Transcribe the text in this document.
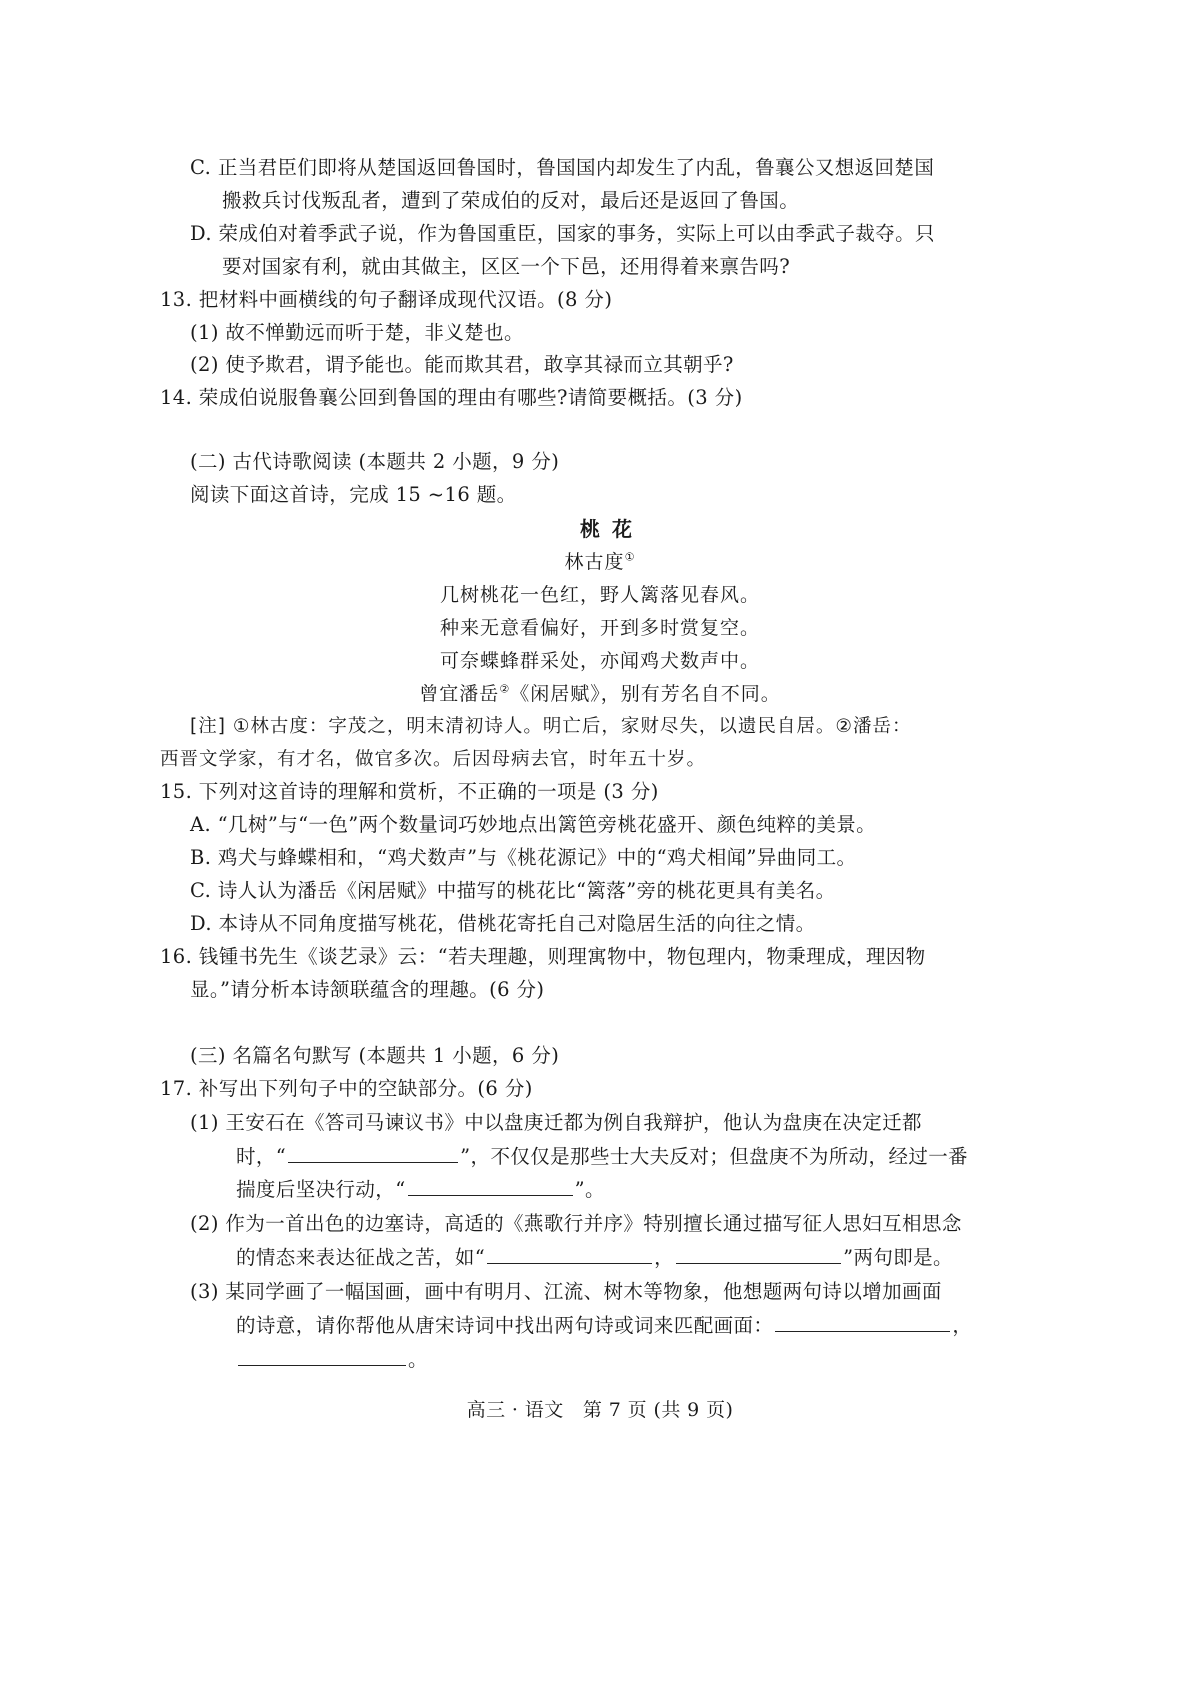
C. 正当君臣们即将从楚国返回鲁国时，鲁国国内却发生了内乱，鲁襄公又想返回楚国
搬救兵讨伐叛乱者，遭到了荣成伯的反对，最后还是返回了鲁国。
D. 荣成伯对着季武子说，作为鲁国重臣，国家的事务，实际上可以由季武子裁夺。只
要对国家有利，就由其做主，区区一个下邑，还用得着来禀告吗?
13. 把材料中画横线的句子翻译成现代汉语。(8 分)
(1) 故不惮勤远而听于楚，非义楚也。
(2) 使予欺君，谓予能也。能而欺其君，敢享其禄而立其朝乎?
14. 荣成伯说服鲁襄公回到鲁国的理由有哪些?请简要概括。(3 分)
(二) 古代诗歌阅读 (本题共 2 小题，9 分)
阅读下面这首诗，完成 15 ~16 题。
桃花
林古度①
几树桃花一色红，野人篱落见春风。
种来无意看偏好，开到多时赏复空。
可奈蝶蜂群采处，亦闻鸡犬数声中。
曾宜潘岳②《闲居赋》，别有芳名自不同。
[注] ①林古度：字茂之，明末清初诗人。明亡后，家财尽失，以遗民自居。②潘岳：
西晋文学家，有才名，做官多次。后因母病去官，时年五十岁。
15. 下列对这首诗的理解和赏析，不正确的一项是 (3 分)
A. “几树”与“一色”两个数量词巧妙地点出篱笆旁桃花盛开、颜色纯粹的美景。
B. 鸡犬与蜂蝶相和，“鸡犬数声”与《桃花源记》中的“鸡犬相闻”异曲同工。
C. 诗人认为潘岳《闲居赋》中描写的桃花比“篱落”旁的桃花更具有美名。
D. 本诗从不同角度描写桃花，借桃花寄托自己对隐居生活的向往之情。
16. 钱锺书先生《谈艺录》云：“若夫理趣，则理寓物中，物包理内，物秉理成，理因物
显。”请分析本诗颔联蕴含的理趣。(6 分)
(三) 名篇名句默写 (本题共 1 小题，6 分)
17. 补写出下列句子中的空缺部分。(6 分)
(1) 王安石在《答司马谏议书》中以盘庚迁都为例自我辩护，他认为盘庚在决定迁都
时，“	”，不仅仅是那些士大夫反对；但盘庚不为所动，经过一番
揣度后坚决行动，“	”。
(2) 作为一首出色的边塞诗，高适的《燕歌行并序》特别擅长通过描写征人思妇互相思念
的情态来表达征战之苦，如“	，	”两句即是。
(3) 某同学画了一幅国画，画中有明月、江流、树木等物象，他想题两句诗以增加画面
的诗意，请你帮他从唐宋诗词中找出两句诗或词来匹配画面：	，
。
高三 · 语文   第 7 页 (共 9 页)
